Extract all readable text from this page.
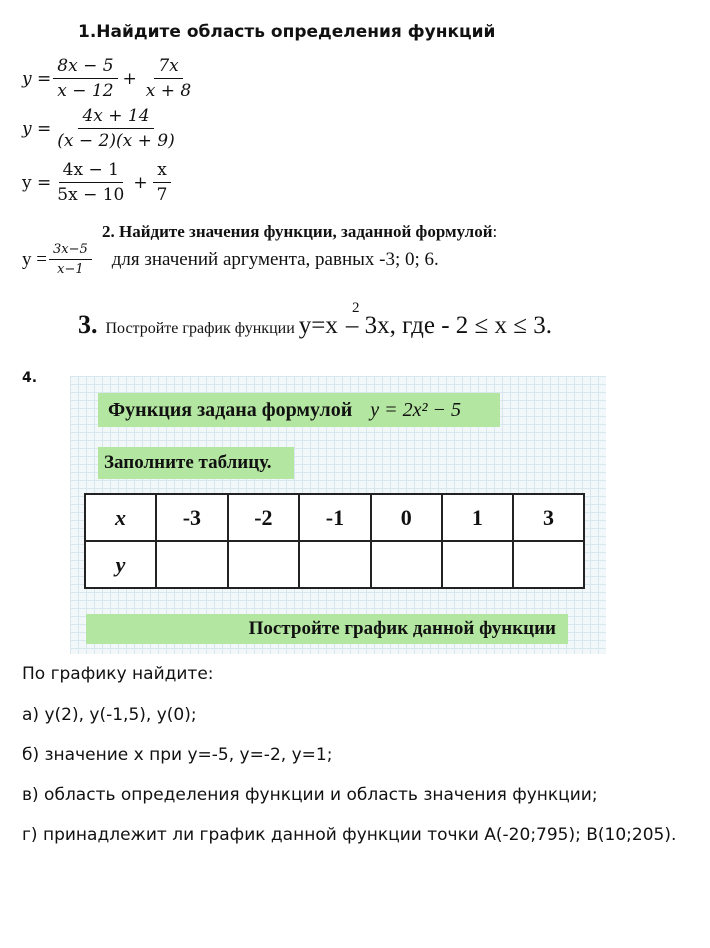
1.Найдите область определения функций
$y = \frac{8x - 5}{x - 12} + \frac{7x}{x + 8}$
$y = \frac{4x + 14}{(x - 2)(x + 9)}$
$y = \frac{4x - 1}{5x - 10} + \frac{x}{7}$
2. Найдите значения функции, заданной формулой:
$y = \frac{3x-5}{x-1}$ для значений аргумента, равных -3; 0; 6.
2
3. Постройте график функции y=x – 3x, где - 2 ≤ x ≤ 3.
4.
Функция задана формулой y = 2x² − 5
Заполните таблицу.
x	-3	-2	-1	0	1	3
y						
Постройте график данной функции
По графику найдите:
а) у(2), у(-1,5), у(0);
б) значение х при у=-5, у=-2, у=1;
в) область определения функции и область значения функции;
г) принадлежит ли график данной функции точки А(-20;795); В(10;205).
